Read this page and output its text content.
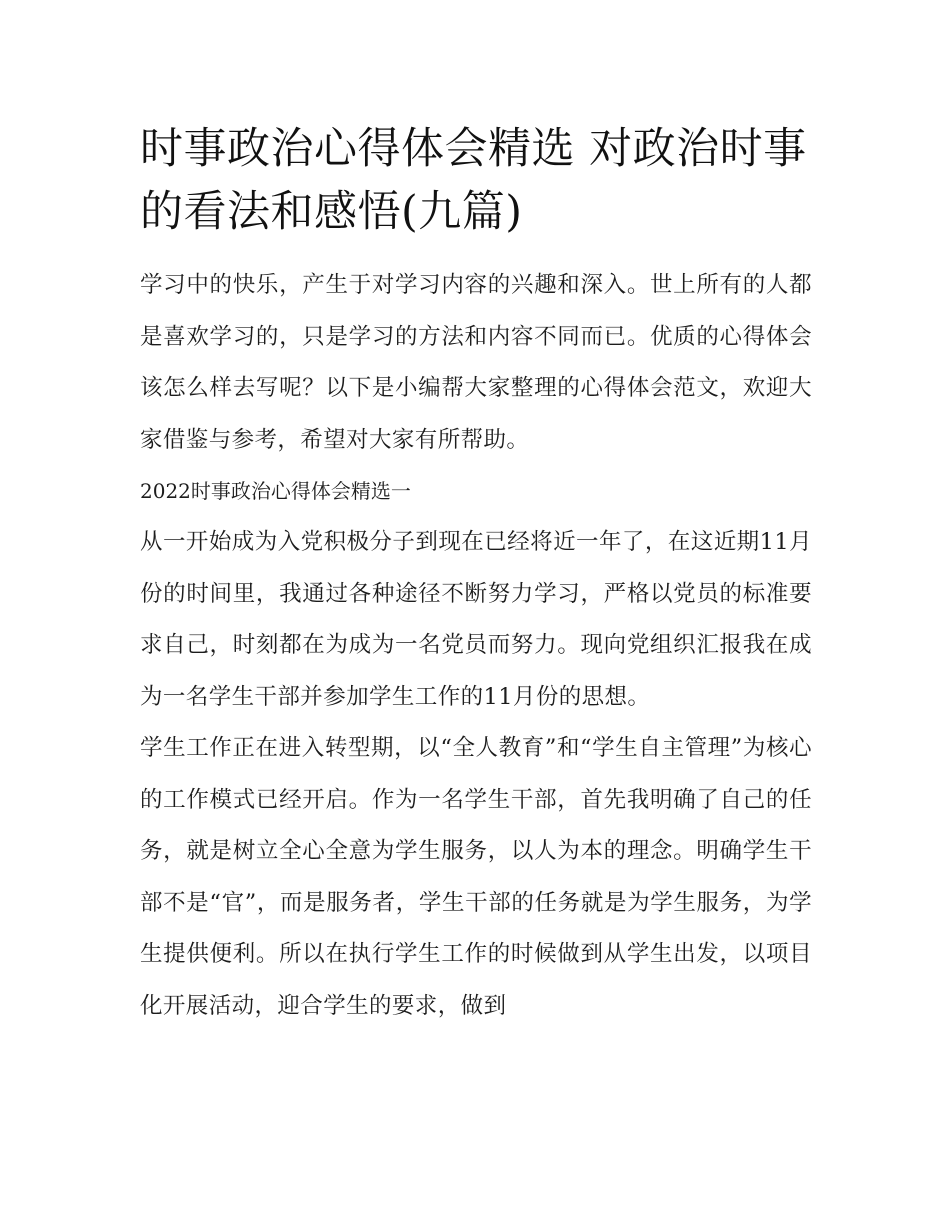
时事政治心得体会精选 对政治时事的看法和感悟(九篇)

学习中的快乐，产生于对学习内容的兴趣和深入。世上所有的人都是喜欢学习的，只是学习的方法和内容不同而已。优质的心得体会该怎么样去写呢？以下是小编帮大家整理的心得体会范文，欢迎大家借鉴与参考，希望对大家有所帮助。

2022时事政治心得体会精选一

从一开始成为入党积极分子到现在已经将近一年了，在这近期11月份的时间里，我通过各种途径不断努力学习，严格以党员的标准要求自己，时刻都在为成为一名党员而努力。现向党组织汇报我在成为一名学生干部并参加学生工作的11月份的思想。

学生工作正在进入转型期，以“全人教育”和“学生自主管理”为核心的工作模式已经开启。作为一名学生干部，首先我明确了自己的任务，就是树立全心全意为学生服务，以人为本的理念。明确学生干部不是“官”，而是服务者，学生干部的任务就是为学生服务，为学生提供便利。所以在执行学生工作的时候做到从学生出发，以项目化开展活动，迎合学生的要求，做到
